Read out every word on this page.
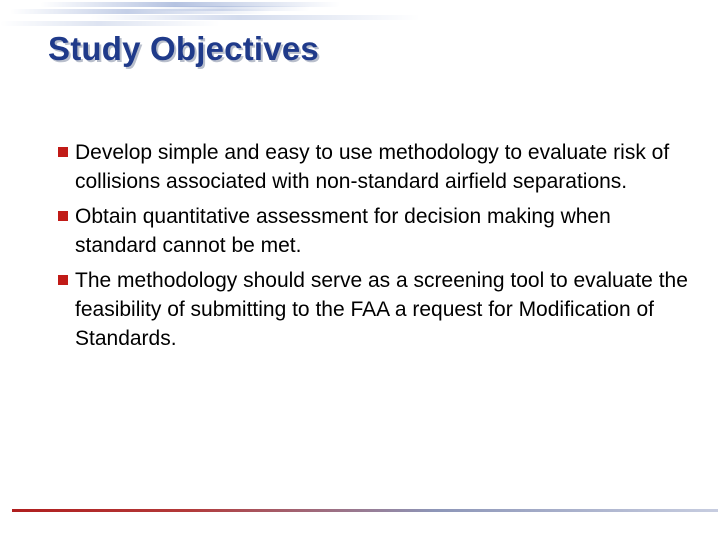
Study Objectives
Develop simple and easy to use methodology to evaluate risk of collisions associated with non-standard airfield separations.
Obtain quantitative assessment for decision making when standard cannot be met.
The methodology should serve as a screening tool to evaluate the feasibility of submitting to the FAA a request for Modification of Standards.
